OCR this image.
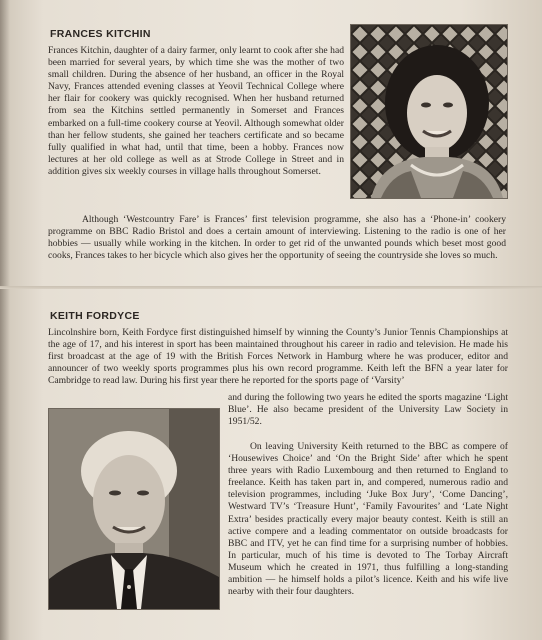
FRANCES KITCHIN

Frances Kitchin, daughter of a dairy farmer, only learnt to cook after she had been married for several years, by which time she was the mother of two small children. During the absence of her husband, an officer in the Royal Navy, Frances attended evening classes at Yeovil Technical College where her flair for cookery was quickly recognised. When her husband returned from sea the Kitchins settled permanently in Somerset and Frances embarked on a full-time cookery course at Yeovil. Although somewhat older than her fellow students, she gained her teachers certificate and so became fully qualified in what had, until that time, been a hobby. Frances now lectures at her old college as well as at Strode College in Street and in addition gives six weekly courses in village halls throughout Somerset.

Although ‘Westcountry Fare’ is Frances’ first television programme, she also has a ‘Phone-in’ cookery programme on BBC Radio Bristol and does a certain amount of interviewing. Listening to the radio is one of her hobbies — usually while working in the kitchen. In order to get rid of the unwanted pounds which beset most good cooks, Frances takes to her bicycle which also gives her the opportunity of seeing the countryside she loves so much.

KEITH FORDYCE

Lincolnshire born, Keith Fordyce first distinguished himself by winning the County’s Junior Tennis Championships at the age of 17, and his interest in sport has been maintained throughout his career in radio and television. He made his first broadcast at the age of 19 with the British Forces Network in Hamburg where he was producer, editor and announcer of two weekly sports programmes plus his own record programme. Keith left the BFN a year later for Cambridge to read law. During his first year there he reported for the sports page of ‘Varsity’

and during the following two years he edited the sports magazine ‘Light Blue’. He also became president of the University Law Society in 1951/52.

On leaving University Keith returned to the BBC as compere of ‘Housewives Choice’ and ‘On the Bright Side’ after which he spent three years with Radio Luxembourg and then returned to England to freelance. Keith has taken part in, and compered, numerous radio and television programmes, including ‘Juke Box Jury’, ‘Come Dancing’, Westward TV’s ‘Treasure Hunt’, ‘Family Favourites’ and ‘Late Night Extra’ besides practically every major beauty contest. Keith is still an active compere and a leading commentator on outside broadcasts for BBC and ITV, yet he can find time for a surprising number of hobbies. In particular, much of his time is devoted to The Torbay Aircraft Museum which he created in 1971, thus fulfilling a long-standing ambition — he himself holds a pilot’s licence. Keith and his wife live nearby with their four daughters.
